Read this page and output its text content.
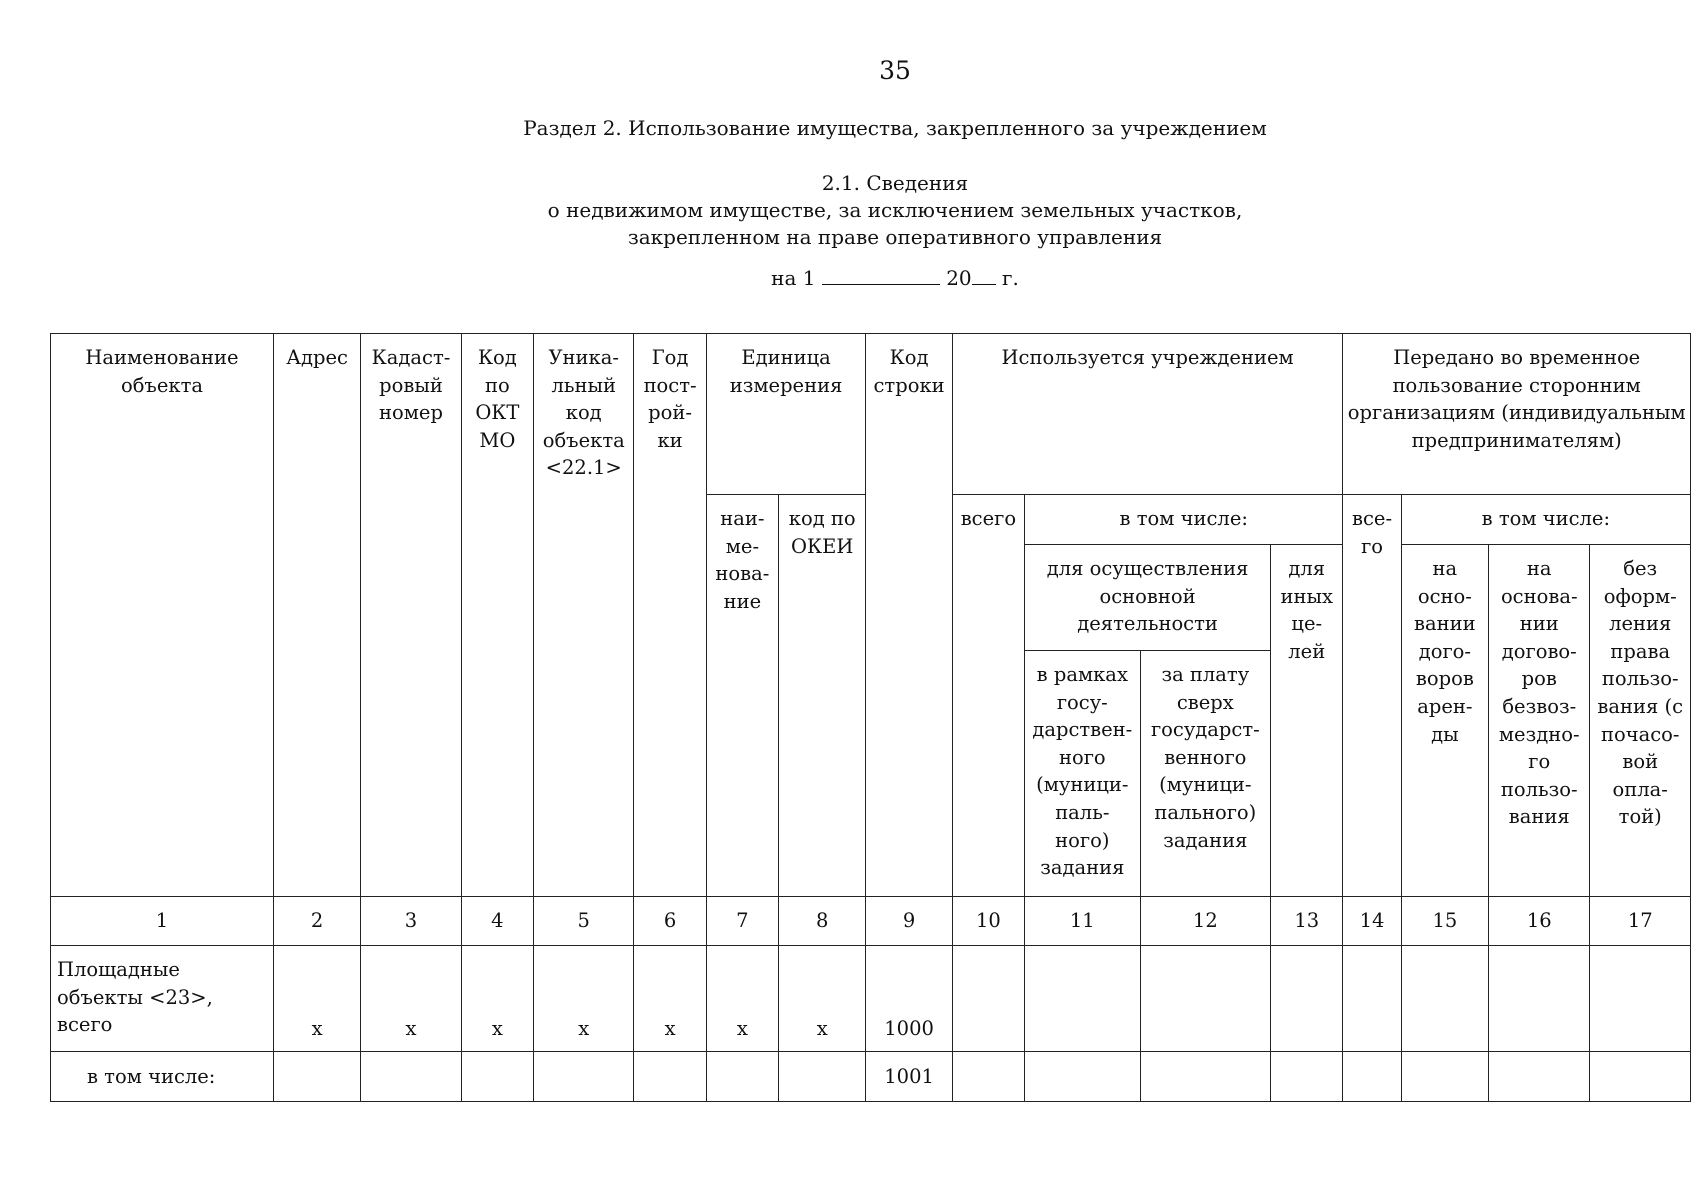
35
Раздел 2. Использование имущества, закрепленного за учреждением
2.1. Сведения
о недвижимом имуществе, за исключением земельных участков,
закрепленном на праве оперативного управления
на 1	20 г.
Наименование объекта	Адрес	Кадаст-ровый номер	Код по ОКТ МО	Уника-льный код объекта <22.1>	Год пост-рой-ки	Единица измерения		Код строки	Используется учреждением				Передано во временное пользование сторонним организациям (индивидуальным предпринимателям)			
						наи-ме-нова-ние	код по ОКЕИ		всего	в том числе:			все-го	в том числе:		
										для осуществления основной деятельности		для иных це-лей		на осно-вании дого-воров арен-ды	на основа-нии догово-ров безвоз-мездно-го пользо-вания	без оформ-ления права пользо-вания (с почасо-вой опла-той)
										в рамках госу-дарствен-ного (муници-паль-ного) задания	за плату сверх государст-венного (муници-пального) задания					
1	2	3	4	5	6	7	8	9	10	11	12	13	14	15	16	17
Площадные объекты <23>, всего	х	х	х	х	х	х	х	1000								
в том числе:								1001								
